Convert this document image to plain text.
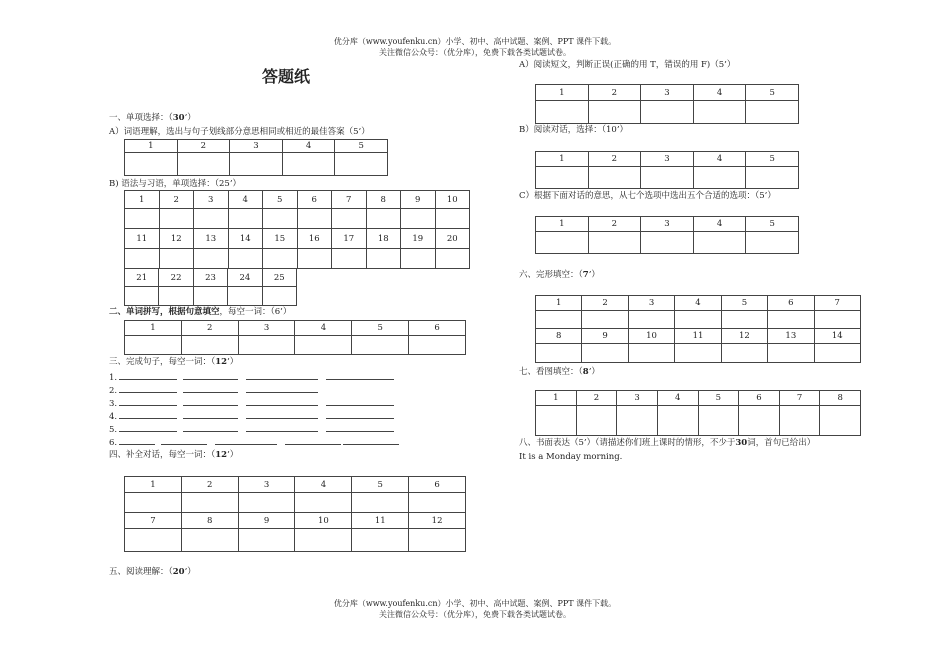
优分库（www.youfenku.cn）小学、初中、高中试题、案例、PPT 课件下载。
关注微信公众号：（优分库），免费下载各类试题试卷。
答题纸
一、单项选择：（30’）
A）词语理解，选出与句子划线部分意思相同或相近的最佳答案（5’）
1	2	3	4	5

B) 语法与习语，单项选择：（25’）
1	2	3	4	5	6	7	8	9	10

11	12	13	14	15	16	17	18	19	20

21	22	23	24	25

二、单词拼写，根据句意填空，每空一词：（6’）
1	2	3	4	5	6

三、完成句子，每空一词：（12’）
1.
2.
3.
4.
5.
6.
四、补全对话，每空一词：（12’）
1	2	3	4	5	6

7	8	9	10	11	12

五、阅读理解：（20’）
A）阅读短文，判断正误(正确的用 T，错误的用 F)（5’）
1	2	3	4	5

B）阅读对话，选择：（10’）
1	2	3	4	5

C）根据下面对话的意思，从七个选项中选出五个合适的选项：（5’）
1	2	3	4	5

六、完形填空：（7’）
1	2	3	4	5	6	7

8	9	10	11	12	13	14

七、看图填空：（8’）
1	2	3	4	5	6	7	8

八、书面表达（5’）（请描述你们班上课时的情形，不少于30词，首句已给出）
It is a Monday morning.
优分库（www.youfenku.cn）小学、初中、高中试题、案例、PPT 课件下载。
关注微信公众号：（优分库），免费下载各类试题试卷。
